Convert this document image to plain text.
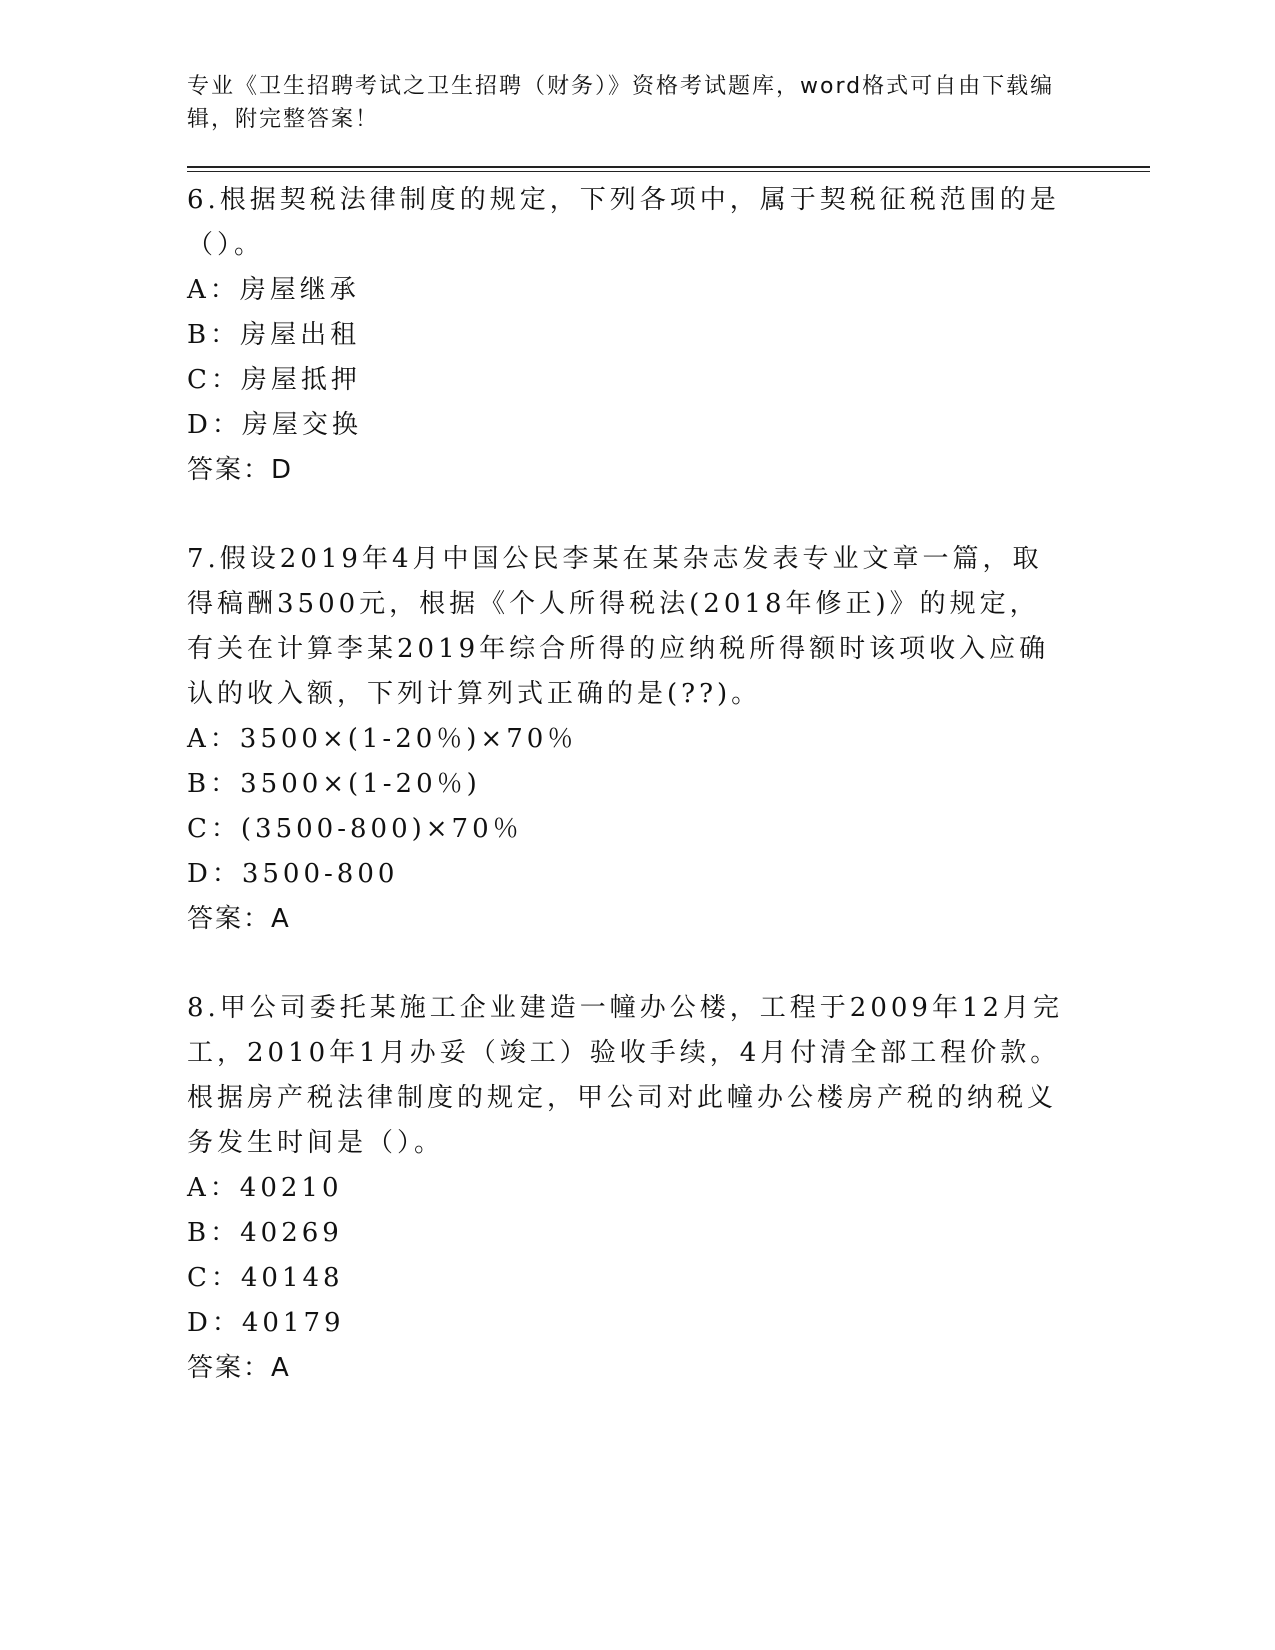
专业《卫生招聘考试之卫生招聘（财务）》资格考试题库，word格式可自由下载编辑，附完整答案！

6.根据契税法律制度的规定，下列各项中，属于契税征税范围的是（）。

A：房屋继承

B：房屋出租

C：房屋抵押

D：房屋交换

答案：D

7.假设2019年4月中国公民李某在某杂志发表专业文章一篇，取得稿酬3500元，根据《个人所得税法(2018年修正)》的规定，有关在计算李某2019年综合所得的应纳税所得额时该项收入应确认的收入额，下列计算列式正确的是(??)。

A：3500×(1-20％)×70％

B：3500×(1-20％)

C：(3500-800)×70％

D：3500-800

答案：A

8.甲公司委托某施工企业建造一幢办公楼，工程于2009年12月完工，2010年1月办妥（竣工）验收手续，4月付清全部工程价款。根据房产税法律制度的规定，甲公司对此幢办公楼房产税的纳税义务发生时间是（）。

A：40210

B：40269

C：40148

D：40179

答案：A
